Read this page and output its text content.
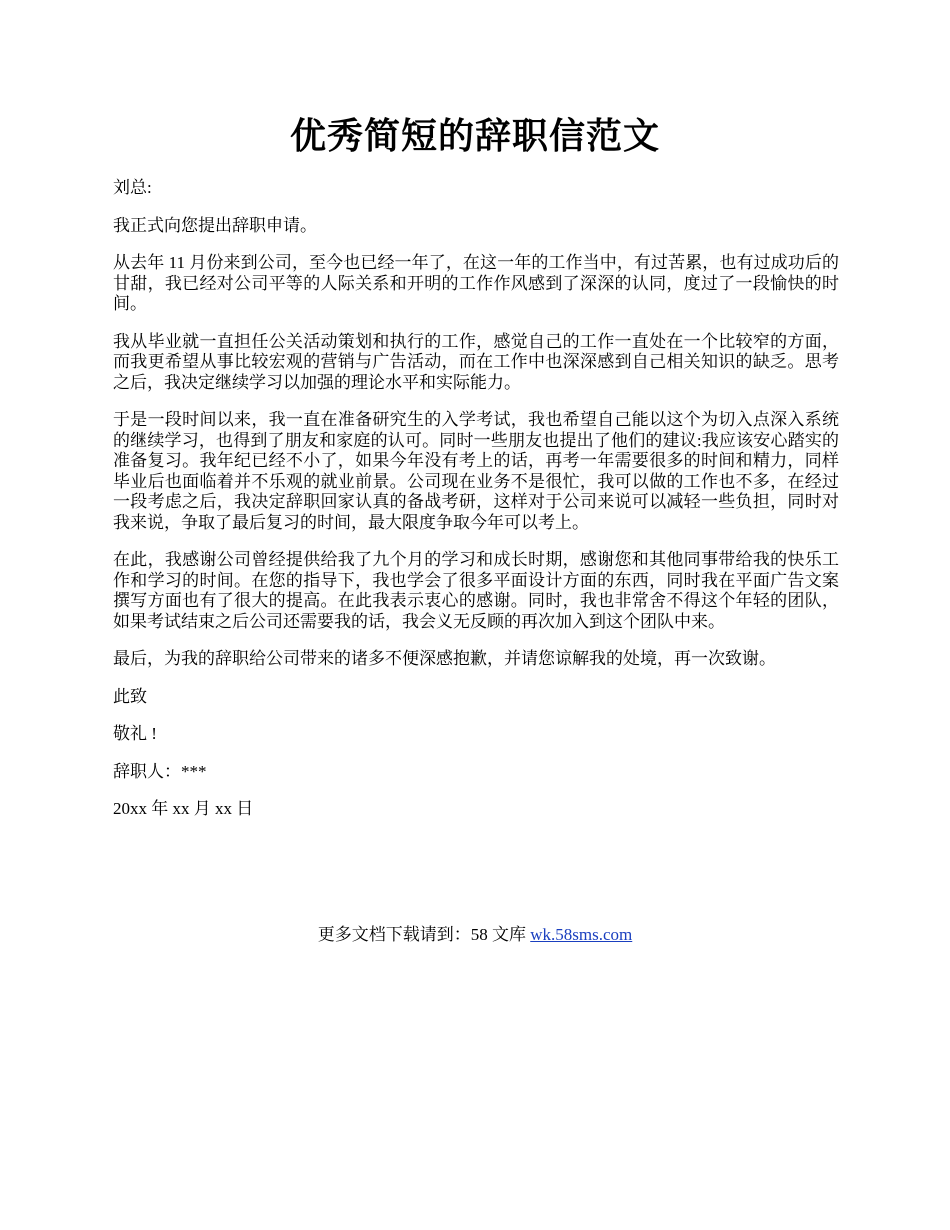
优秀简短的辞职信范文

刘总:

我正式向您提出辞职申请。

从去年 11 月份来到公司，至今也已经一年了，在这一年的工作当中，有过苦累，也有过成功后的甘甜，我已经对公司平等的人际关系和开明的工作作风感到了深深的认同，度过了一段愉快的时间。

我从毕业就一直担任公关活动策划和执行的工作，感觉自己的工作一直处在一个比较窄的方面，而我更希望从事比较宏观的营销与广告活动，而在工作中也深深感到自己相关知识的缺乏。思考之后，我决定继续学习以加强的理论水平和实际能力。

于是一段时间以来，我一直在准备研究生的入学考试，我也希望自己能以这个为切入点深入系统的继续学习，也得到了朋友和家庭的认可。同时一些朋友也提出了他们的建议:我应该安心踏实的准备复习。我年纪已经不小了，如果今年没有考上的话，再考一年需要很多的时间和精力，同样毕业后也面临着并不乐观的就业前景。公司现在业务不是很忙，我可以做的工作也不多，在经过一段考虑之后，我决定辞职回家认真的备战考研，这样对于公司来说可以减轻一些负担，同时对我来说，争取了最后复习的时间，最大限度争取今年可以考上。

在此，我感谢公司曾经提供给我了九个月的学习和成长时期，感谢您和其他同事带给我的快乐工作和学习的时间。在您的指导下，我也学会了很多平面设计方面的东西，同时我在平面广告文案撰写方面也有了很大的提高。在此我表示衷心的感谢。同时，我也非常舍不得这个年轻的团队，如果考试结束之后公司还需要我的话，我会义无反顾的再次加入到这个团队中来。

最后，为我的辞职给公司带来的诸多不便深感抱歉，并请您谅解我的处境，再一次致谢。

此致

敬礼 !

辞职人：***

20xx 年 xx 月 xx 日

更多文档下载请到：58 文库 wk.58sms.com
